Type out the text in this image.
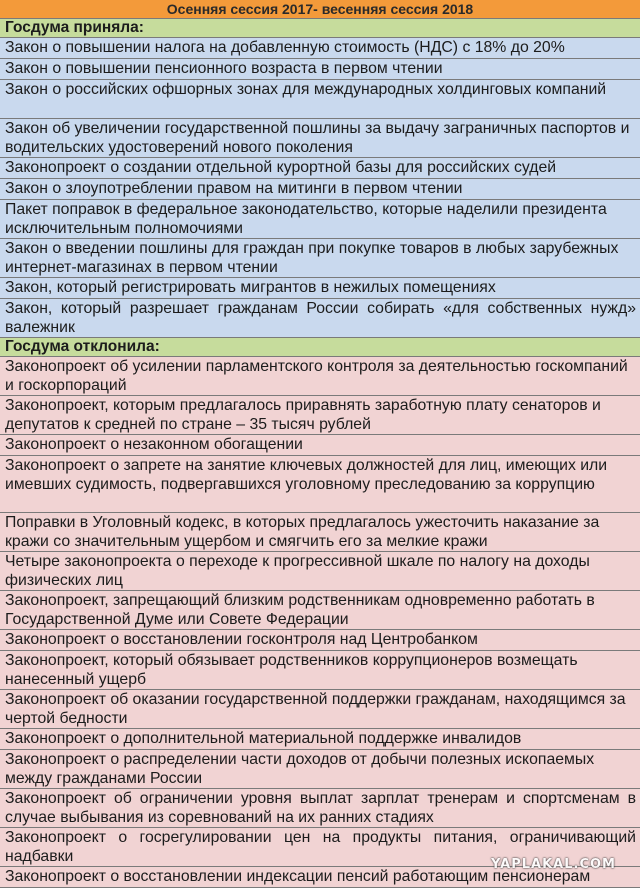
Осенняя сессия 2017- весенняя сессия 2018
Госдума приняла:
Закон о повышении налога на добавленную стоимость (НДС) с 18% до 20%
Закон о повышении пенсионного возраста в первом чтении
Закон о российских офшорных зонах для международных холдинговых компаний
Закон об увеличении государственной пошлины за выдачу заграничных паспортов и водительских удостоверений нового поколения
Законопроект о создании отдельной курортной базы для российских судей
Закон о злоупотреблении правом на митинги в первом чтении
Пакет поправок в федеральное законодательство, которые наделили президента исключительным полномочиями
Закон о введении пошлины для граждан при покупке товаров в любых зарубежных интернет-магазинах в первом чтении
Закон, который регистрировать мигрантов в нежилых помещениях
Закон, который разрешает гражданам России собирать «для собственных нужд» валежник
Госдума отклонила:
Законопроект об усилении парламентского контроля за деятельностью госкомпаний и госкорпораций
Законопроект, которым предлагалось приравнять заработную плату сенаторов и депутатов к средней по стране – 35 тысяч рублей
Законопроект о незаконном обогащении
Законопроект о запрете на занятие ключевых должностей для лиц, имеющих или имевших судимость, подвергавшихся уголовному преследованию за коррупцию
Поправки в Уголовный кодекс, в которых предлагалось ужесточить наказание за кражи со значительным ущербом и смягчить его за мелкие кражи
Четыре законопроекта о переходе к прогрессивной шкале по налогу на доходы физических лиц
Законопроект, запрещающий близким родственникам одновременно работать в Государственной Думе или Совете Федерации
Законопроект о восстановлении госконтроля над Центробанком
Законопроект, который обязывает родственников коррупционеров возмещать нанесенный ущерб
Законопроект об оказании государственной поддержки гражданам, находящимся за чертой бедности
Законопроект о дополнительной материальной поддержке инвалидов
Законопроект о распределении части доходов от добычи полезных ископаемых между гражданами России
Законопроект об ограничении уровня выплат зарплат тренерам и спортсменам в случае выбывания из соревнований на их ранних стадиях
Законопроект о госрегулировании цен на продукты питания, ограничивающий надбавки
Законопроект о восстановлении индексации пенсий работающим пенсионерам
YAPLAKAL.COM
